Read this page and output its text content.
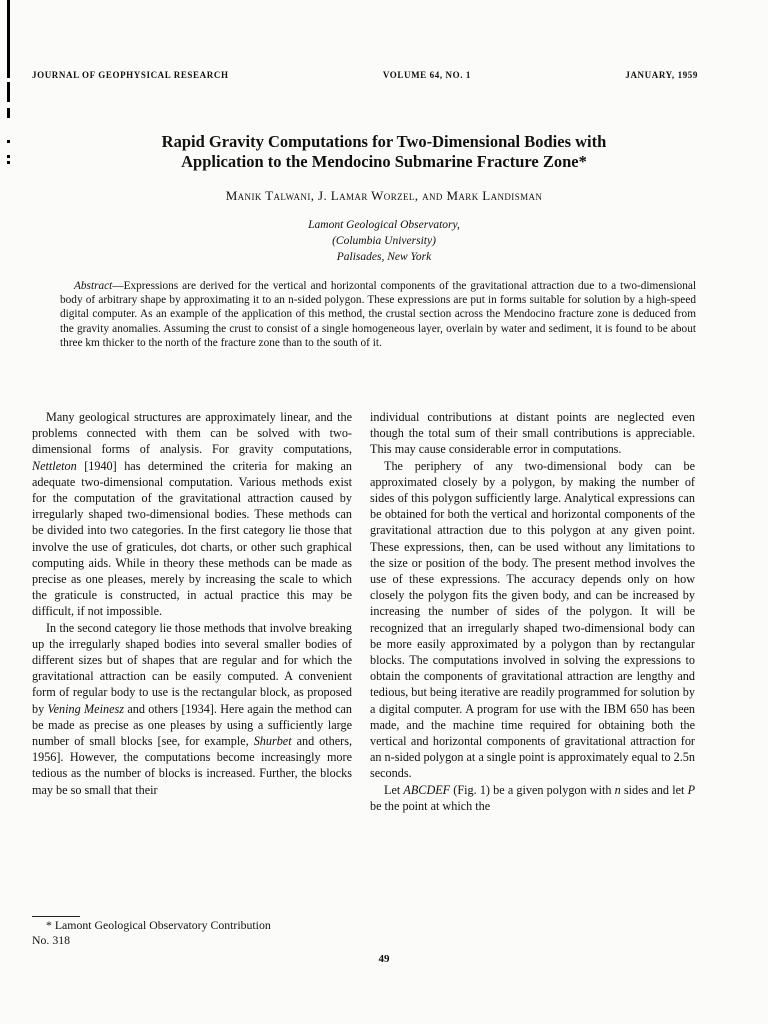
JOURNAL OF GEOPHYSICAL RESEARCH	VOLUME 64, NO. 1	JANUARY, 1959
Rapid Gravity Computations for Two-Dimensional Bodies with
Application to the Mendocino Submarine Fracture Zone*
Manik Talwani, J. Lamar Worzel, and Mark Landisman
Lamont Geological Observatory,
(Columbia University)
Palisades, New York
Abstract—Expressions are derived for the vertical and horizontal components of the gravitational attraction due to a two-dimensional body of arbitrary shape by approximating it to an n-sided polygon. These expressions are put in forms suitable for solution by a high-speed digital computer. As an example of the application of this method, the crustal section across the Mendocino fracture zone is deduced from the gravity anomalies. Assuming the crust to consist of a single homogeneous layer, overlain by water and sediment, it is found to be about three km thicker to the north of the fracture zone than to the south of it.

Many geological structures are approximately linear, and the problems connected with them can be solved with two-dimensional forms of analysis. For gravity computations, Nettleton [1940] has determined the criteria for making an adequate two-dimensional computation. Various methods exist for the computation of the gravitational attraction caused by irregularly shaped two-dimensional bodies. These methods can be divided into two categories. In the first category lie those that involve the use of graticules, dot charts, or other such graphical computing aids. While in theory these methods can be made as precise as one pleases, merely by increasing the scale to which the graticule is constructed, in actual practice this may be difficult, if not impossible.

In the second category lie those methods that involve breaking up the irregularly shaped bodies into several smaller bodies of different sizes but of shapes that are regular and for which the gravitational attraction can be easily computed. A convenient form of regular body to use is the rectangular block, as proposed by Vening Meinesz and others [1934]. Here again the method can be made as precise as one pleases by using a sufficiently large number of small blocks [see, for example, Shurbet and others, 1956]. However, the computations become increasingly more tedious as the number of blocks is increased. Further, the blocks may be so small that their

individual contributions at distant points are neglected even though the total sum of their small contributions is appreciable. This may cause considerable error in computations.

The periphery of any two-dimensional body can be approximated closely by a polygon, by making the number of sides of this polygon sufficiently large. Analytical expressions can be obtained for both the vertical and horizontal components of the gravitational attraction due to this polygon at any given point. These expressions, then, can be used without any limitations to the size or position of the body. The present method involves the use of these expressions. The accuracy depends only on how closely the polygon fits the given body, and can be increased by increasing the number of sides of the polygon. It will be recognized that an irregularly shaped two-dimensional body can be more easily approximated by a polygon than by rectangular blocks. The computations involved in solving the expressions to obtain the components of gravitational attraction are lengthy and tedious, but being iterative are readily programmed for solution by a digital computer. A program for use with the IBM 650 has been made, and the machine time required for obtaining both the vertical and horizontal components of gravitational attraction for an n-sided polygon at a single point is approximately equal to 2.5n seconds.

Let ABCDEF (Fig. 1) be a given polygon with n sides and let P be the point at which the

* Lamont Geological Observatory Contribution
No. 318
49
